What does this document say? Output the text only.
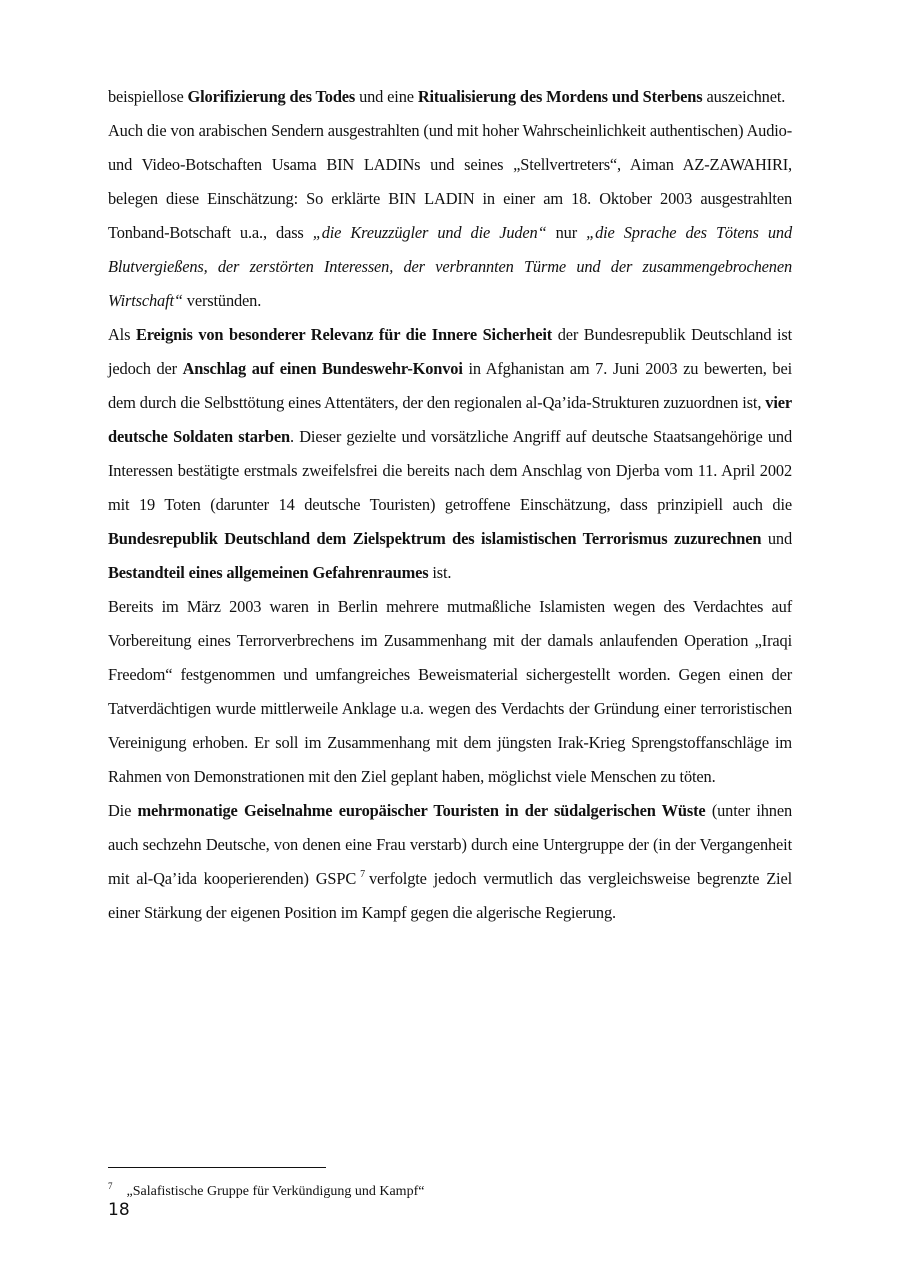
beispiellose Glorifizierung des Todes und eine Ritualisierung des Mordens und Sterbens auszeichnet.

Auch die von arabischen Sendern ausgestrahlten (und mit hoher Wahrscheinlichkeit authentischen) Audio- und Video-Botschaften Usama BIN LADINs und seines „Stellvertreters“, Aiman AZ-ZAWAHIRI, belegen diese Einschätzung: So erklärte BIN LADIN in einer am 18. Oktober 2003 ausgestrahlten Tonband-Botschaft u.a., dass „die Kreuzzügler und die Juden“ nur „die Sprache des Tötens und Blutvergießens, der zerstörten Interessen, der verbrannten Türme und der zusammengebrochenen Wirtschaft“ verstünden.

Als Ereignis von besonderer Relevanz für die Innere Sicherheit der Bundesrepublik Deutschland ist jedoch der Anschlag auf einen Bundeswehr-Konvoi in Afghanistan am 7. Juni 2003 zu bewerten, bei dem durch die Selbsttötung eines Attentäters, der den regionalen al-Qa’ida-Strukturen zuzuordnen ist, vier deutsche Soldaten starben. Dieser gezielte und vorsätzliche Angriff auf deutsche Staatsangehörige und Interessen bestätigte erstmals zweifelsfrei die bereits nach dem Anschlag von Djerba vom 11. April 2002 mit 19 Toten (darunter 14 deutsche Touristen) getroffene Einschätzung, dass prinzipiell auch die Bundesrepublik Deutschland dem Zielspektrum des islamistischen Terrorismus zuzurechnen und Bestandteil eines allgemeinen Gefahrenraumes ist.

Bereits im März 2003 waren in Berlin mehrere mutmaßliche Islamisten wegen des Verdachtes auf Vorbereitung eines Terrorverbrechens im Zusammenhang mit der damals anlaufenden Operation „Iraqi Freedom“ festgenommen und umfangreiches Beweismaterial sichergestellt worden. Gegen einen der Tatverdächtigen wurde mittlerweile Anklage u.a. wegen des Verdachts der Gründung einer terroristischen Vereinigung erhoben. Er soll im Zusammenhang mit dem jüngsten Irak-Krieg Sprengstoffanschläge im Rahmen von Demonstrationen mit den Ziel geplant haben, möglichst viele Menschen zu töten.

Die mehrmonatige Geiselnahme europäischer Touristen in der südalgerischen Wüste (unter ihnen auch sechzehn Deutsche, von denen eine Frau verstarb) durch eine Untergruppe der (in der Vergangenheit mit al-Qa’ida kooperierenden) GSPC $^7$ verfolgte jedoch vermutlich das vergleichsweise begrenzte Ziel einer Stärkung der eigenen Position im Kampf gegen die algerische Regierung.

$^7$ „Salafistische Gruppe für Verkündigung und Kampf“
18
